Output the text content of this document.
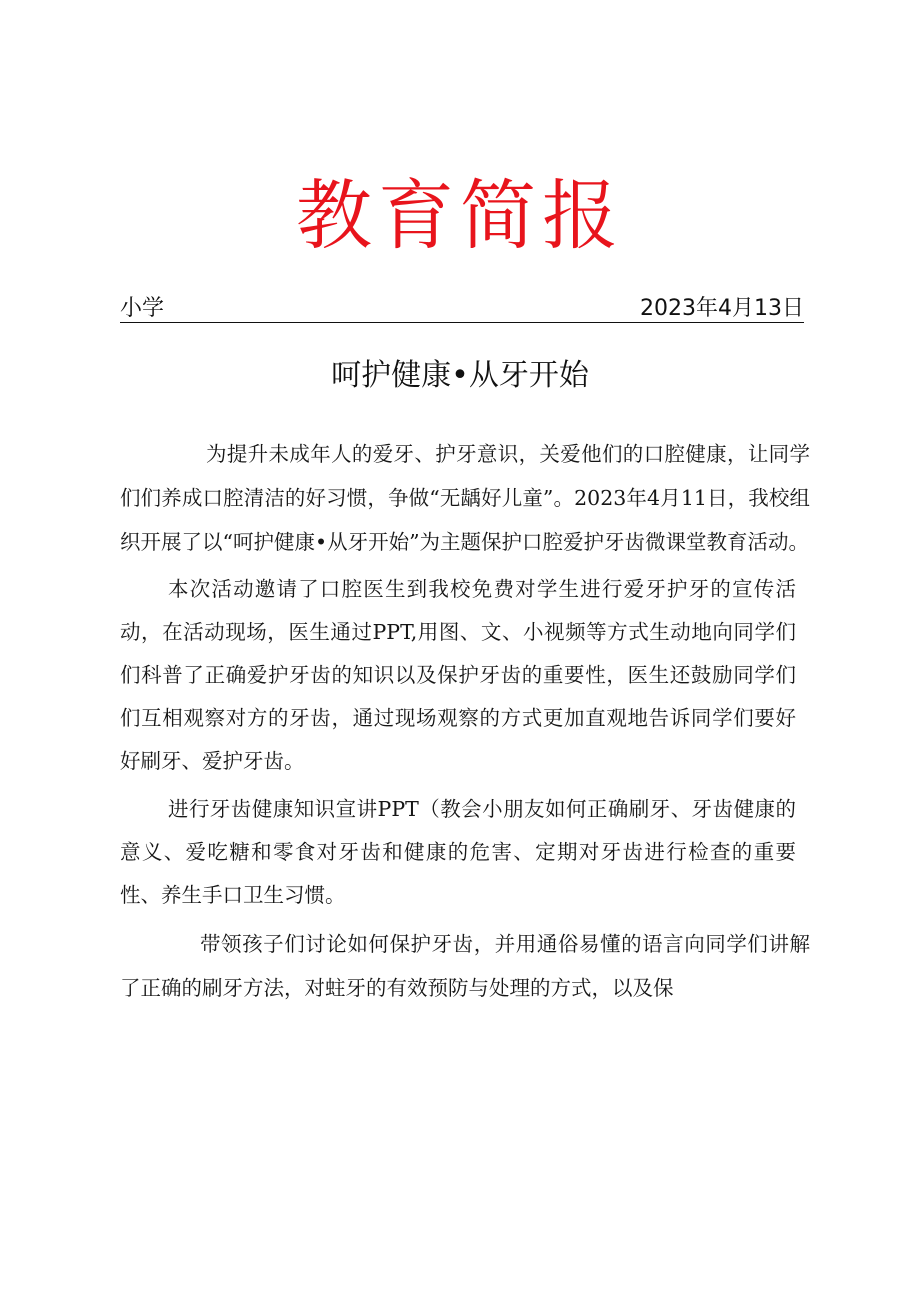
教育简报
小学	2023年4月13日
呵护健康•从牙开始

为提升未成年人的爱牙、护牙意识，关爱他们的口腔健康，让同学们们养成口腔清洁的好习惯，争做“无龋好儿童”。2023年4月11日，我校组织开展了以“呵护健康•从牙开始”为主题保护口腔爱护牙齿微课堂教育活动。

本次活动邀请了口腔医生到我校免费对学生进行爱牙护牙的宣传活动，在活动现场，医生通过PPT,用图、文、小视频等方式生动地向同学们们科普了正确爱护牙齿的知识以及保护牙齿的重要性，医生还鼓励同学们们互相观察对方的牙齿，通过现场观察的方式更加直观地告诉同学们要好好刷牙、爱护牙齿。

进行牙齿健康知识宣讲PPT（教会小朋友如何正确刷牙、牙齿健康的意义、爱吃糖和零食对牙齿和健康的危害、定期对牙齿进行检查的重要性、养生手口卫生习惯。

带领孩子们讨论如何保护牙齿，并用通俗易懂的语言向同学们讲解了正确的刷牙方法，对蛀牙的有效预防与处理的方式，以及保
